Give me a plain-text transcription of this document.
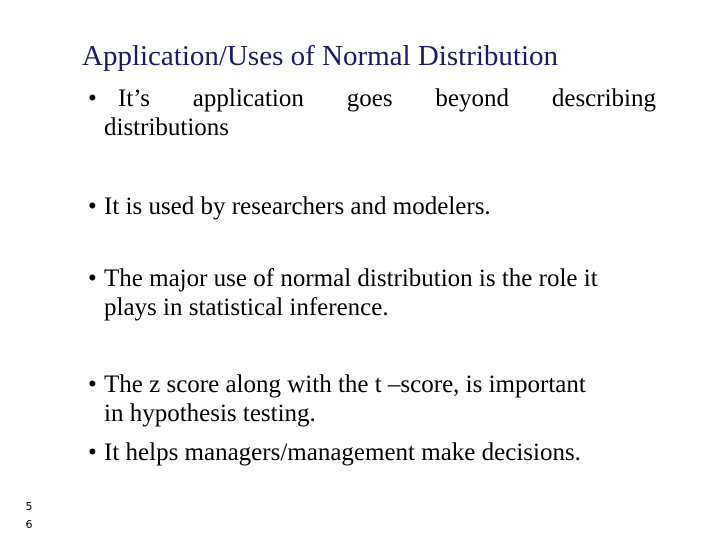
Application/Uses of Normal Distribution
• It’s application goes beyond describing
distributions
• It is used by researchers and modelers.
• The major use of normal distribution is the role it
plays in statistical inference.
• The z score along with the t –score, is important
in hypothesis testing.
• It helps managers/management make decisions.
5
6
